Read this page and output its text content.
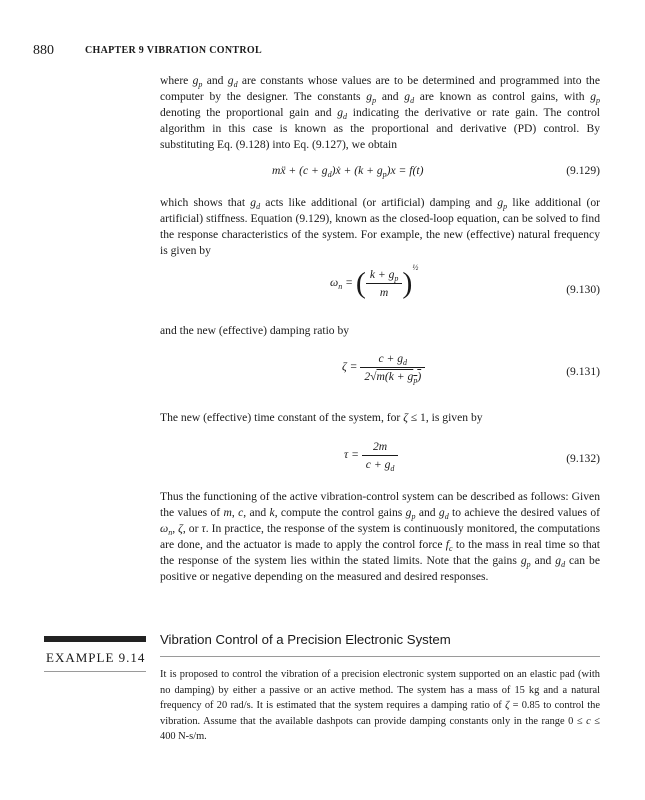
880	CHAPTER 9 VIBRATION CONTROL

where $g_p$ and $g_d$ are constants whose values are to be determined and programmed into the computer by the designer. The constants $g_p$ and $g_d$ are known as control gains, with $g_p$ denoting the proportional gain and $g_d$ indicating the derivative or rate gain. The control algorithm in this case is known as the proportional and derivative (PD) control. By substituting Eq. (9.128) into Eq. (9.127), we obtain

mẍ + $(c + g_d)ẋ + (k + g_p)x = f(t)$	(9.129)

which shows that $g_d$ acts like additional (or artificial) damping and $g_p$ like additional (or artificial) stiffness. Equation (9.129), known as the closed-loop equation, can be solved to find the response characteristics of the system. For example, the new (effective) natural frequency is given by

$\omega_n$ = ( $\frac{k + g_p}{m} )^{\frac{1}{2}}$
(9.130)

and the new (effective) damping ratio by

$\zeta = \frac{c + g_d}{2√m(k + g_p)}$	(9.131)

The new (effective) time constant of the system, for ζ ≤ 1, is given by

$\tau = \frac{2m}{c + g_d}$	(9.132)

Thus the functioning of the active vibration-control system can be described as follows: Given the values of m, c, and k, compute the control gains $g_p$ and $g_d$ to achieve the desired values of $\omega_n$, ζ, or τ. In practice, the response of the system is continuously monitored, the computations are done, and the actuator is made to apply the control force $f_c$ to the mass in real time so that the response of the system lies within the stated limits. Note that the gains $g_p$ and $g_d$ can be positive or negative depending on the measured and desired responses.

EXAMPLE 9.14
Vibration Control of a Precision Electronic System

It is proposed to control the vibration of a precision electronic system supported on an elastic pad (with no damping) by either a passive or an active method. The system has a mass of 15 kg and a natural frequency of 20 rad/s. It is estimated that the system requires a damping ratio of ζ = 0.85 to control the vibration. Assume that the available dashpots can provide damping constants only in the range 0 ≤ c ≤ 400 N-s/m.
